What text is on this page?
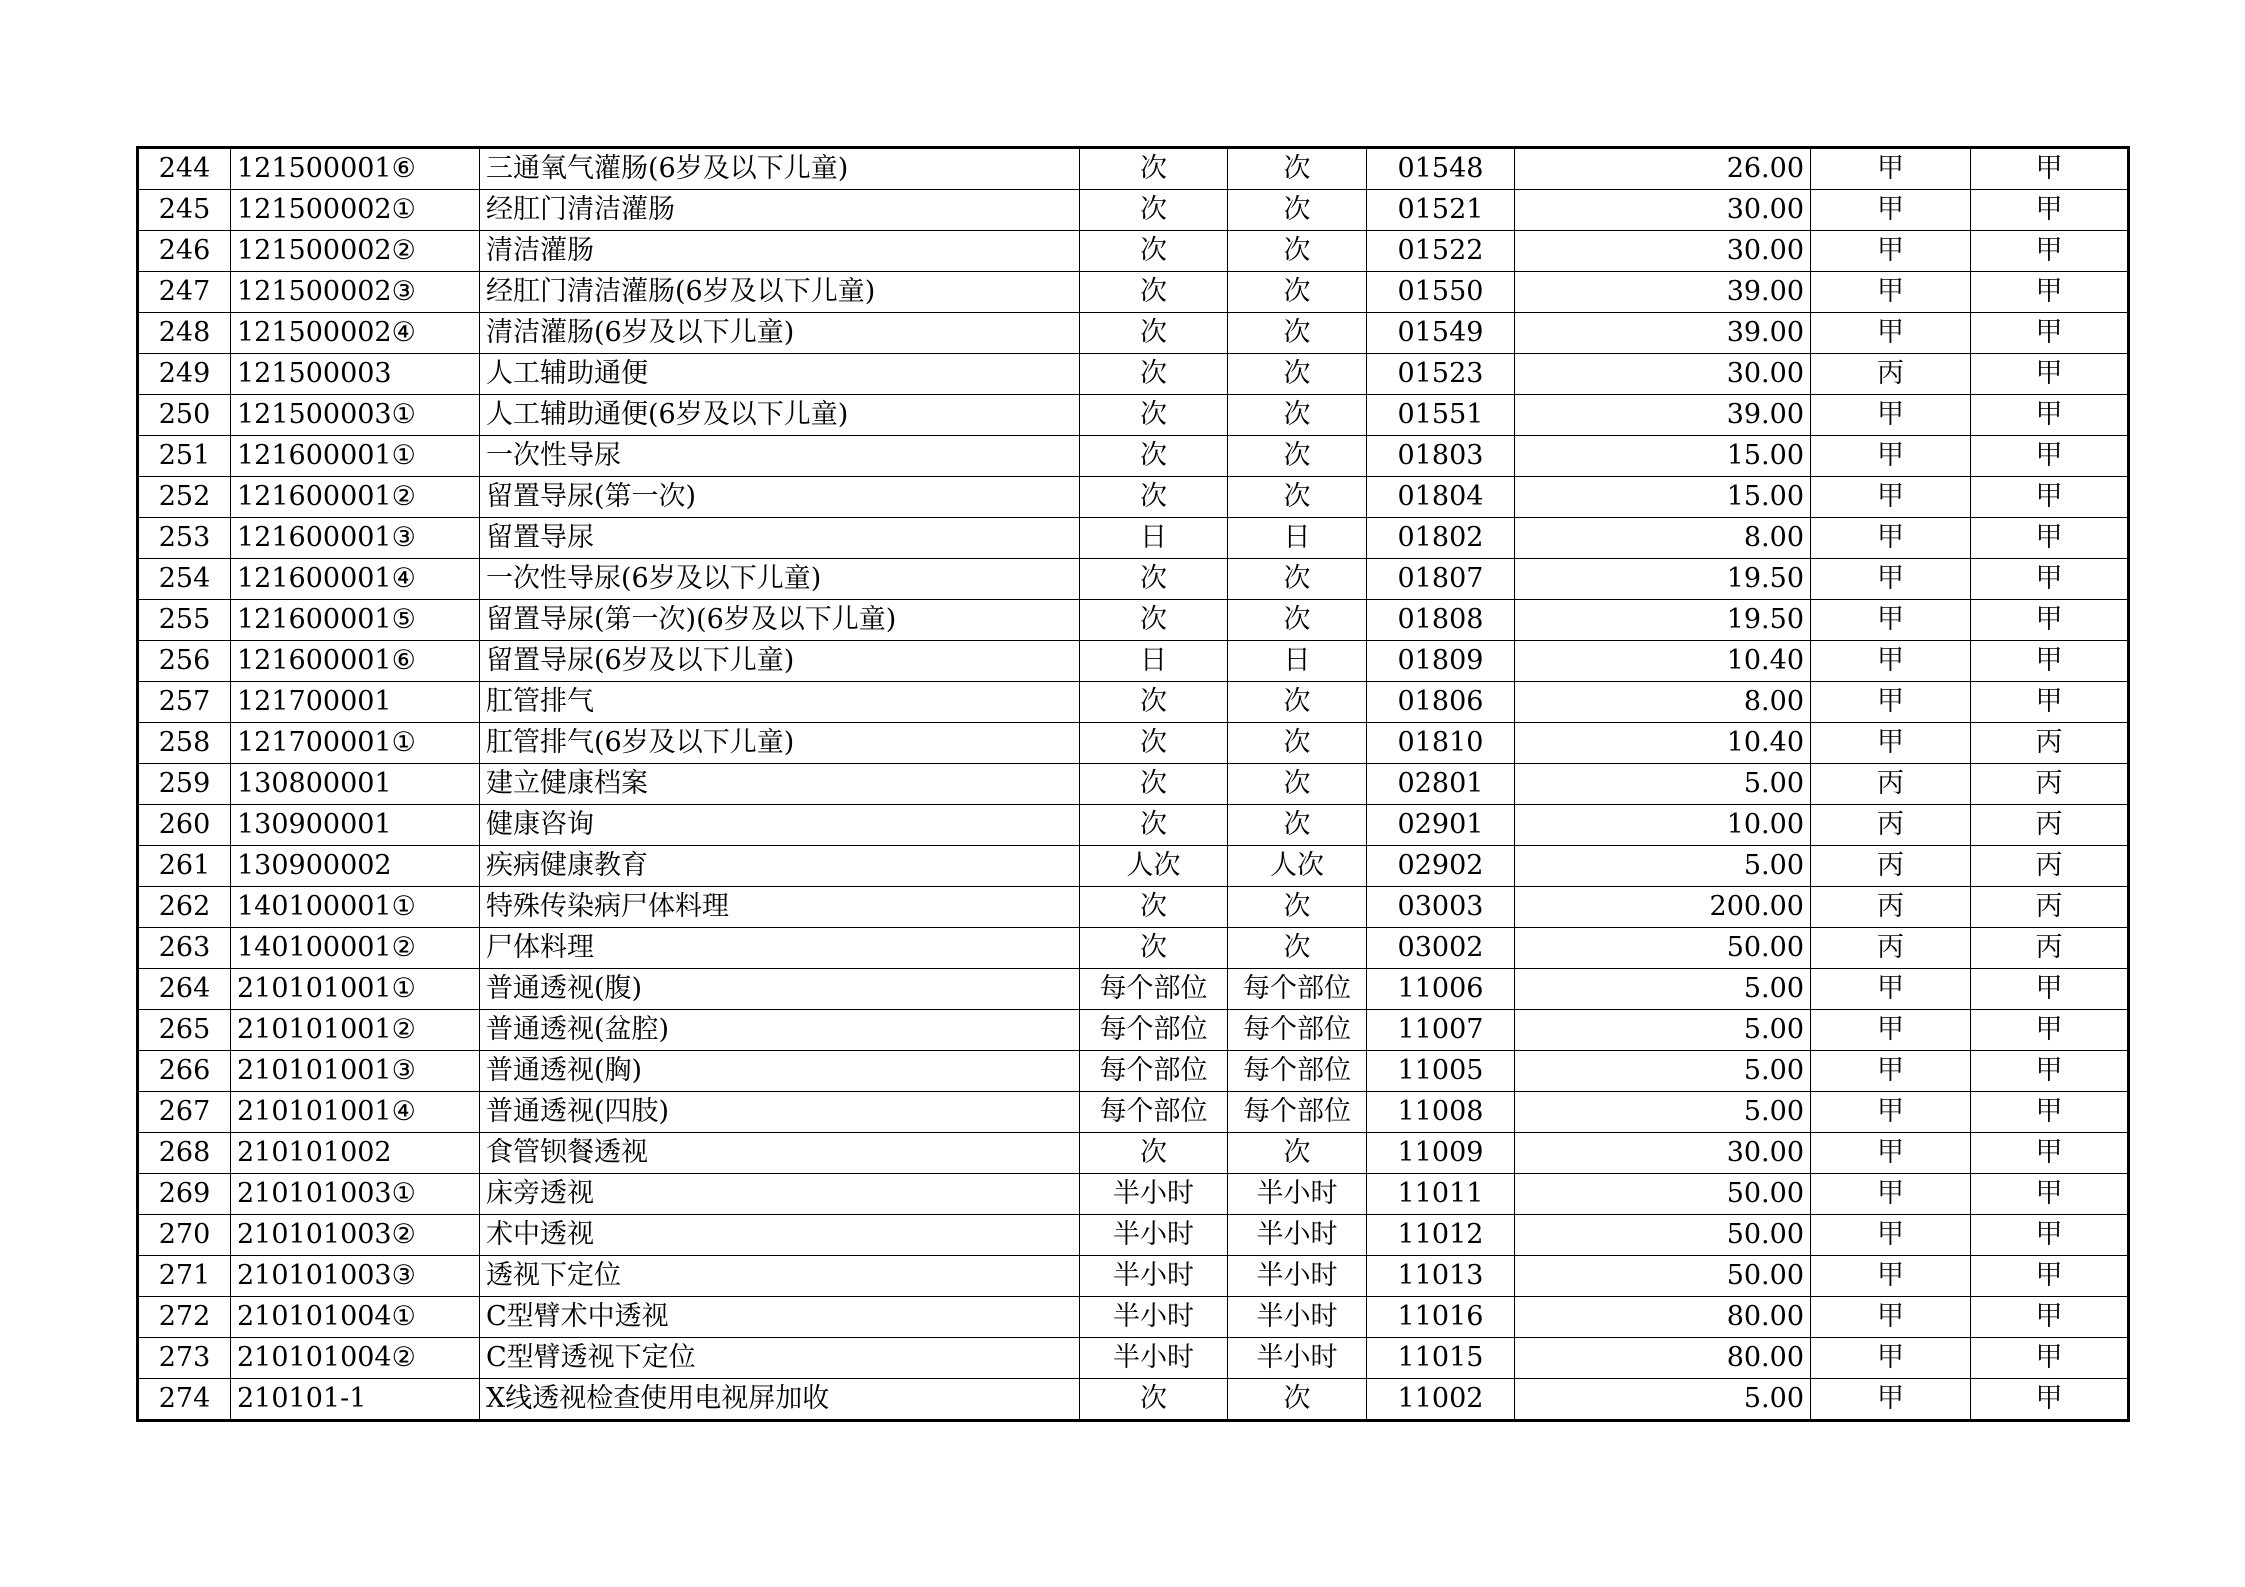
244	121500001⑥	三通氧气灌肠(6岁及以下儿童)	次	次	01548	26.00	甲	甲
245	121500002①	经肛门清洁灌肠	次	次	01521	30.00	甲	甲
246	121500002②	清洁灌肠	次	次	01522	30.00	甲	甲
247	121500002③	经肛门清洁灌肠(6岁及以下儿童)	次	次	01550	39.00	甲	甲
248	121500002④	清洁灌肠(6岁及以下儿童)	次	次	01549	39.00	甲	甲
249	121500003	人工辅助通便	次	次	01523	30.00	丙	甲
250	121500003①	人工辅助通便(6岁及以下儿童)	次	次	01551	39.00	甲	甲
251	121600001①	一次性导尿	次	次	01803	15.00	甲	甲
252	121600001②	留置导尿(第一次)	次	次	01804	15.00	甲	甲
253	121600001③	留置导尿	日	日	01802	8.00	甲	甲
254	121600001④	一次性导尿(6岁及以下儿童)	次	次	01807	19.50	甲	甲
255	121600001⑤	留置导尿(第一次)(6岁及以下儿童)	次	次	01808	19.50	甲	甲
256	121600001⑥	留置导尿(6岁及以下儿童)	日	日	01809	10.40	甲	甲
257	121700001	肛管排气	次	次	01806	8.00	甲	甲
258	121700001①	肛管排气(6岁及以下儿童)	次	次	01810	10.40	甲	丙
259	130800001	建立健康档案	次	次	02801	5.00	丙	丙
260	130900001	健康咨询	次	次	02901	10.00	丙	丙
261	130900002	疾病健康教育	人次	人次	02902	5.00	丙	丙
262	140100001①	特殊传染病尸体料理	次	次	03003	200.00	丙	丙
263	140100001②	尸体料理	次	次	03002	50.00	丙	丙
264	210101001①	普通透视(腹)	每个部位	每个部位	11006	5.00	甲	甲
265	210101001②	普通透视(盆腔)	每个部位	每个部位	11007	5.00	甲	甲
266	210101001③	普通透视(胸)	每个部位	每个部位	11005	5.00	甲	甲
267	210101001④	普通透视(四肢)	每个部位	每个部位	11008	5.00	甲	甲
268	210101002	食管钡餐透视	次	次	11009	30.00	甲	甲
269	210101003①	床旁透视	半小时	半小时	11011	50.00	甲	甲
270	210101003②	术中透视	半小时	半小时	11012	50.00	甲	甲
271	210101003③	透视下定位	半小时	半小时	11013	50.00	甲	甲
272	210101004①	C型臂术中透视	半小时	半小时	11016	80.00	甲	甲
273	210101004②	C型臂透视下定位	半小时	半小时	11015	80.00	甲	甲
274	210101-1	X线透视检查使用电视屏加收	次	次	11002	5.00	甲	甲
